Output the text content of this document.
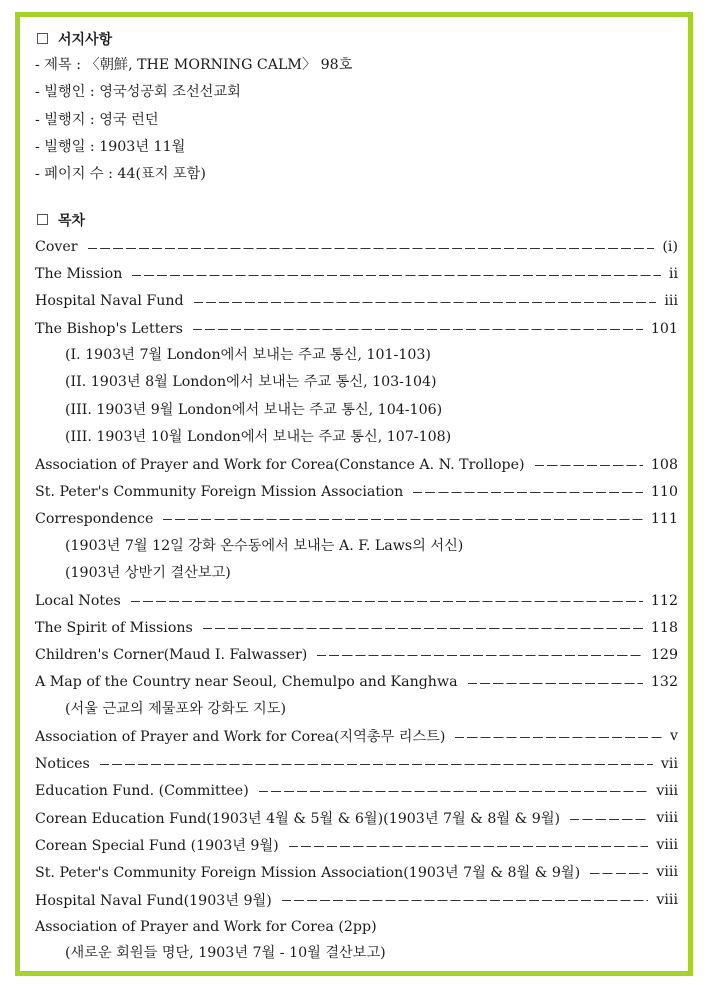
서지사항
- 제목 : 〈朝鮮, THE MORNING CALM〉 98호
- 빌행인 : 영국성공회 조선선교회
- 빌행지 : 영국 런던
- 빌행일 : 1903년 11월
- 페이지 수 : 44(표지 포함)
목차
Cover	(i)
The Mission	ii
Hospital Naval Fund	iii
The Bishop's Letters	101
(I. 1903년 7월 London에서 보내는 주교 통신, 101-103)
(II. 1903년 8월 London에서 보내는 주교 통신, 103-104)
(III. 1903년 9월 London에서 보내는 주교 통신, 104-106)
(III. 1903년 10월 London에서 보내는 주교 통신, 107-108)
Association of Prayer and Work for Corea(Constance A. N. Trollope)	108
St. Peter's Community Foreign Mission Association	110
Correspondence	111
(1903년 7월 12일 강화 온수동에서 보내는 A. F. Laws의 서신)
(1903년 상반기 결산보고)
Local Notes	112
The Spirit of Missions	118
Children's Corner(Maud I. Falwasser)	129
A Map of the Country near Seoul, Chemulpo and Kanghwa	132
(서울 근교의 제물포와 강화도 지도)
Association of Prayer and Work for Corea(지역총무 리스트)	v
Notices	vii
Education Fund. (Committee)	viii
Corean Education Fund(1903년 4월 & 5월 & 6월)(1903년 7월 & 8월 & 9월)	viii
Corean Special Fund (1903년 9월)	viii
St. Peter's Community Foreign Mission Association(1903년 7월 & 8월 & 9월)	viii
Hospital Naval Fund(1903년 9월)	viii
Association of Prayer and Work for Corea (2pp)
(새로운 회원들 명단, 1903년 7월 - 10월 결산보고)
